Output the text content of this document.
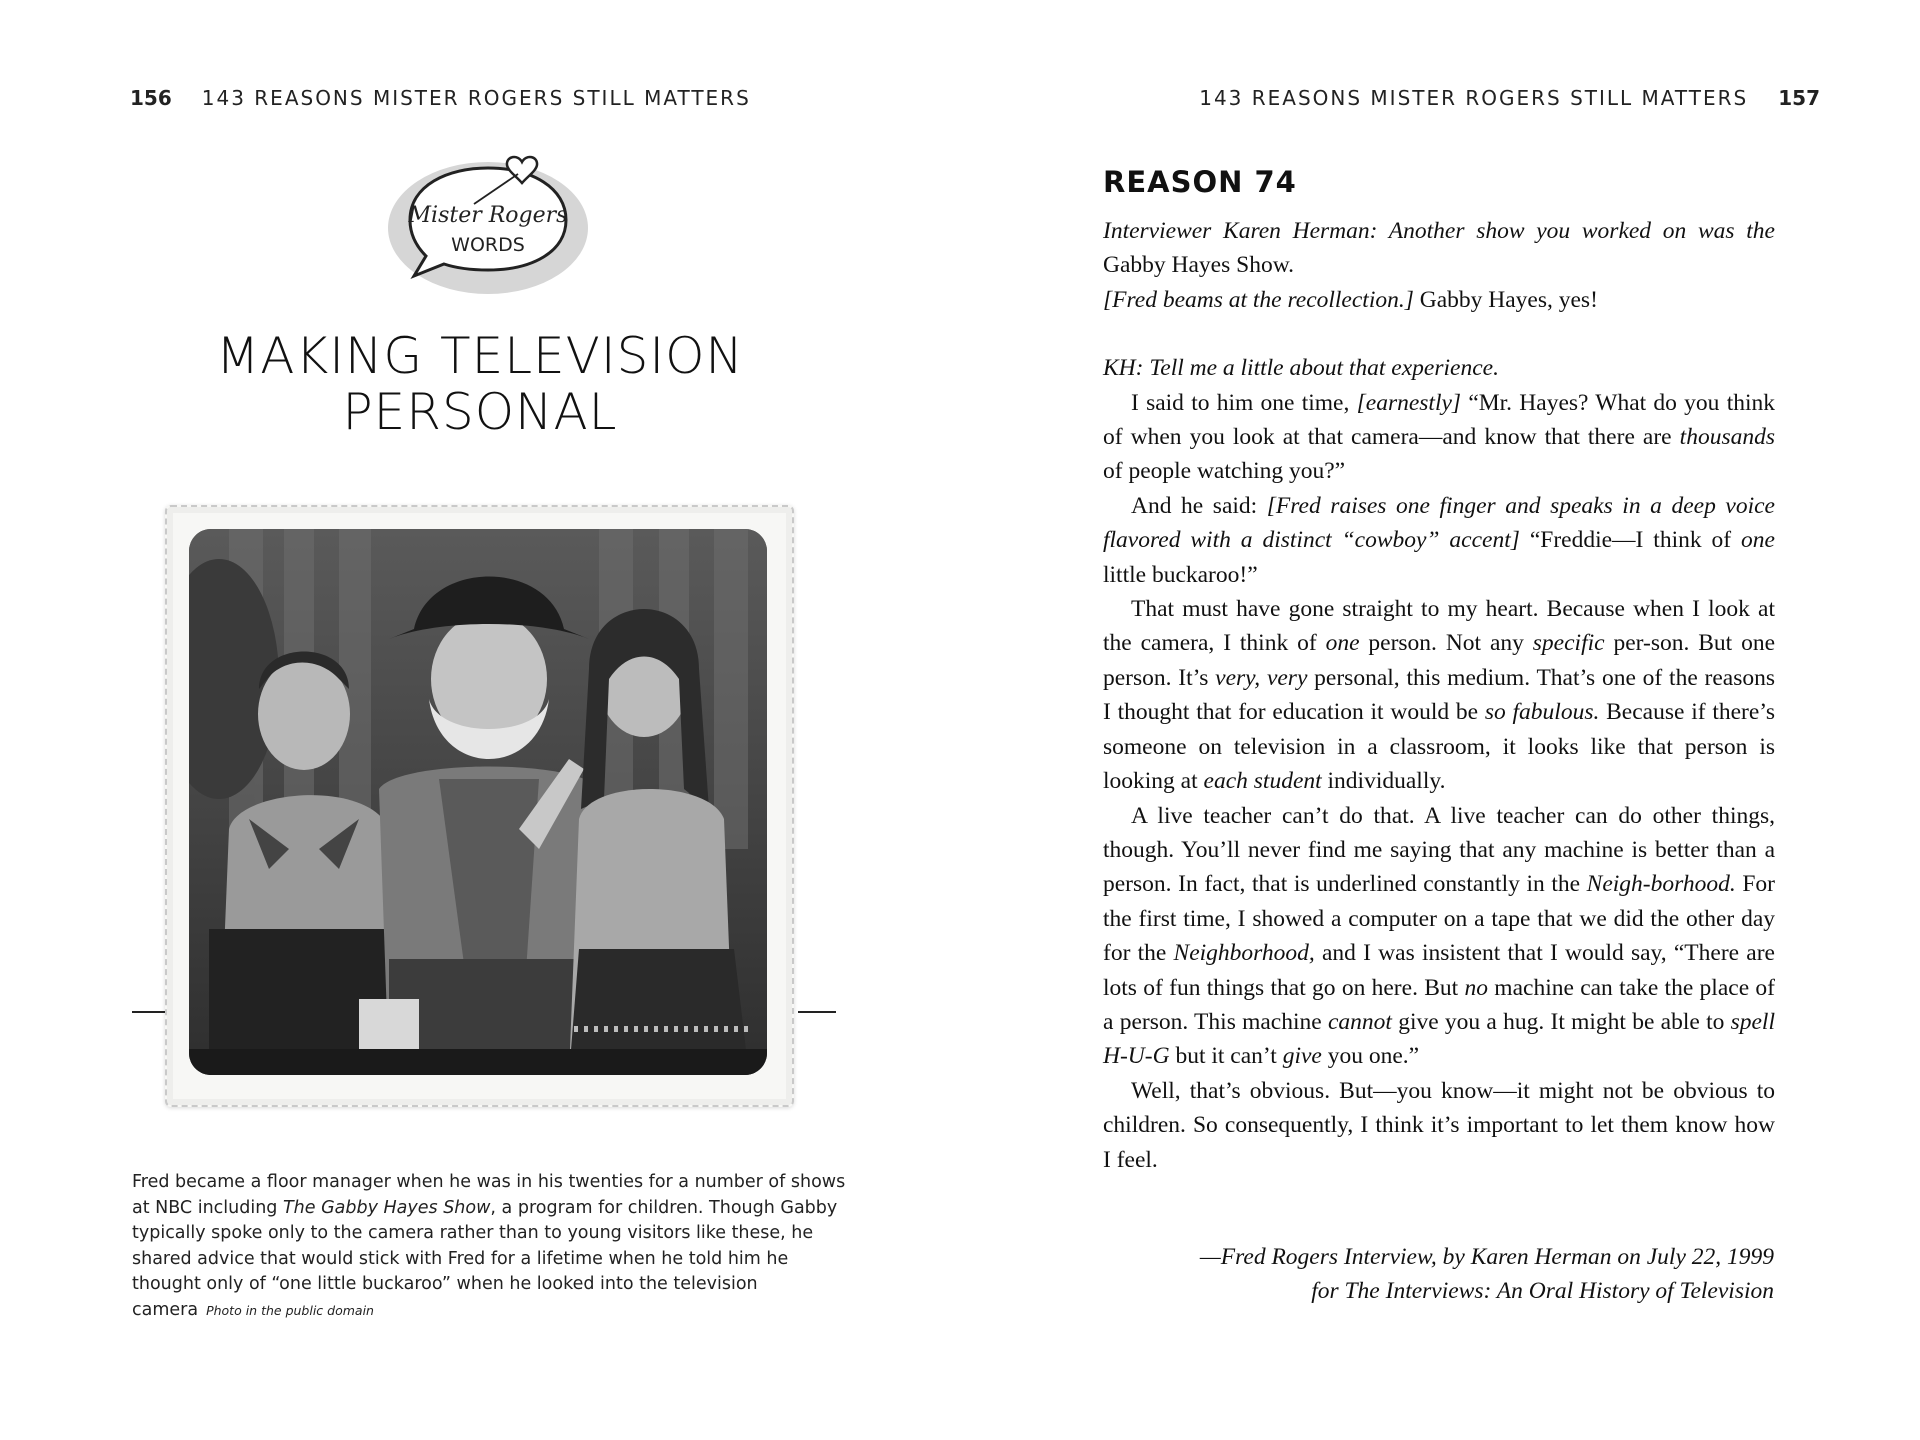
156 143 REASONS MISTER ROGERS STILL MATTERS
Mister Rogers
WORDS
MAKING TELEVISION
PERSONAL
Fred became a floor manager when he was in his twenties for a number of shows at NBC including The Gabby Hayes Show, a program for children. Though Gabby typically spoke only to the camera rather than to young visitors like these, he shared advice that would stick with Fred for a lifetime when he told him he thought only of “one little buckaroo” when he looked into the television camera Photo in the public domain
143 REASONS MISTER ROGERS STILL MATTERS 157
REASON 74

Interviewer Karen Herman: Another show you worked on was the Gabby Hayes Show.

[Fred beams at the recollection.] Gabby Hayes, yes!

KH: Tell me a little about that experience.

I said to him one time, [earnestly] “Mr. Hayes? What do you think of when you look at that camera—and know that there are thousands of people watching you?”

And he said: [Fred raises one finger and speaks in a deep voice flavored with a distinct “cowboy” accent] “Freddie—I think of one little buckaroo!”

That must have gone straight to my heart. Because when I look at the camera, I think of one person. Not any specific per-son. But one person. It’s very, very personal, this medium. That’s one of the reasons I thought that for education it would be so fabulous. Because if there’s someone on television in a classroom, it looks like that person is looking at each student individually.

A live teacher can’t do that. A live teacher can do other things, though. You’ll never find me saying that any machine is better than a person. In fact, that is underlined constantly in the Neigh-borhood. For the first time, I showed a computer on a tape that we did the other day for the Neighborhood, and I was insistent that I would say, “There are lots of fun things that go on here. But no machine can take the place of a person. This machine cannot give you a hug. It might be able to spell H-U-G but it can’t give you one.”

Well, that’s obvious. But—you know—it might not be obvious to children. So consequently, I think it’s important to let them know how I feel.

—Fred Rogers Interview, by Karen Herman on July 22, 1999
for The Interviews: An Oral History of Television
